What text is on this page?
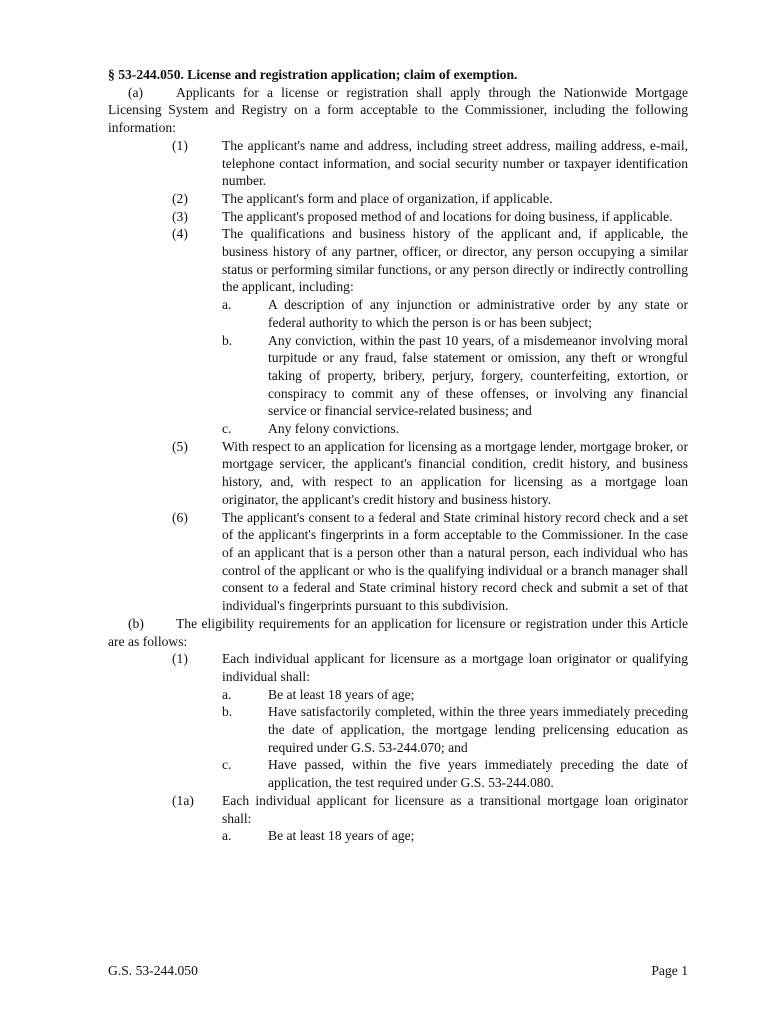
§ 53-244.050. License and registration application; claim of exemption.

(a) Applicants for a license or registration shall apply through the Nationwide Mortgage Licensing System and Registry on a form acceptable to the Commissioner, including the following information:

(1)	The applicant's name and address, including street address, mailing address, e-mail, telephone contact information, and social security number or taxpayer identification number.
(2)	The applicant's form and place of organization, if applicable.
(3)	The applicant's proposed method of and locations for doing business, if applicable.
(4)	The qualifications and business history of the applicant and, if applicable, the business history of any partner, officer, or director, any person occupying a similar status or performing similar functions, or any person directly or indirectly controlling the applicant, including:
a.	A description of any injunction or administrative order by any state or federal authority to which the person is or has been subject;
b.	Any conviction, within the past 10 years, of a misdemeanor involving moral turpitude or any fraud, false statement or omission, any theft or wrongful taking of property, bribery, perjury, forgery, counterfeiting, extortion, or conspiracy to commit any of these offenses, or involving any financial service or financial service-related business; and
c.	Any felony convictions.
(5)	With respect to an application for licensing as a mortgage lender, mortgage broker, or mortgage servicer, the applicant's financial condition, credit history, and business history, and, with respect to an application for licensing as a mortgage loan originator, the applicant's credit history and business history.
(6)	The applicant's consent to a federal and State criminal history record check and a set of the applicant's fingerprints in a form acceptable to the Commissioner. In the case of an applicant that is a person other than a natural person, each individual who has control of the applicant or who is the qualifying individual or a branch manager shall consent to a federal and State criminal history record check and submit a set of that individual's fingerprints pursuant to this subdivision.

(b) The eligibility requirements for an application for licensure or registration under this Article are as follows:

(1)	Each individual applicant for licensure as a mortgage loan originator or qualifying individual shall:
a.	Be at least 18 years of age;
b.	Have satisfactorily completed, within the three years immediately preceding the date of application, the mortgage lending prelicensing education as required under G.S. 53-244.070; and
c.	Have passed, within the five years immediately preceding the date of application, the test required under G.S. 53-244.080.
(1a)	Each individual applicant for licensure as a transitional mortgage loan originator shall:
a.	Be at least 18 years of age;
G.S. 53-244.050	Page 1
